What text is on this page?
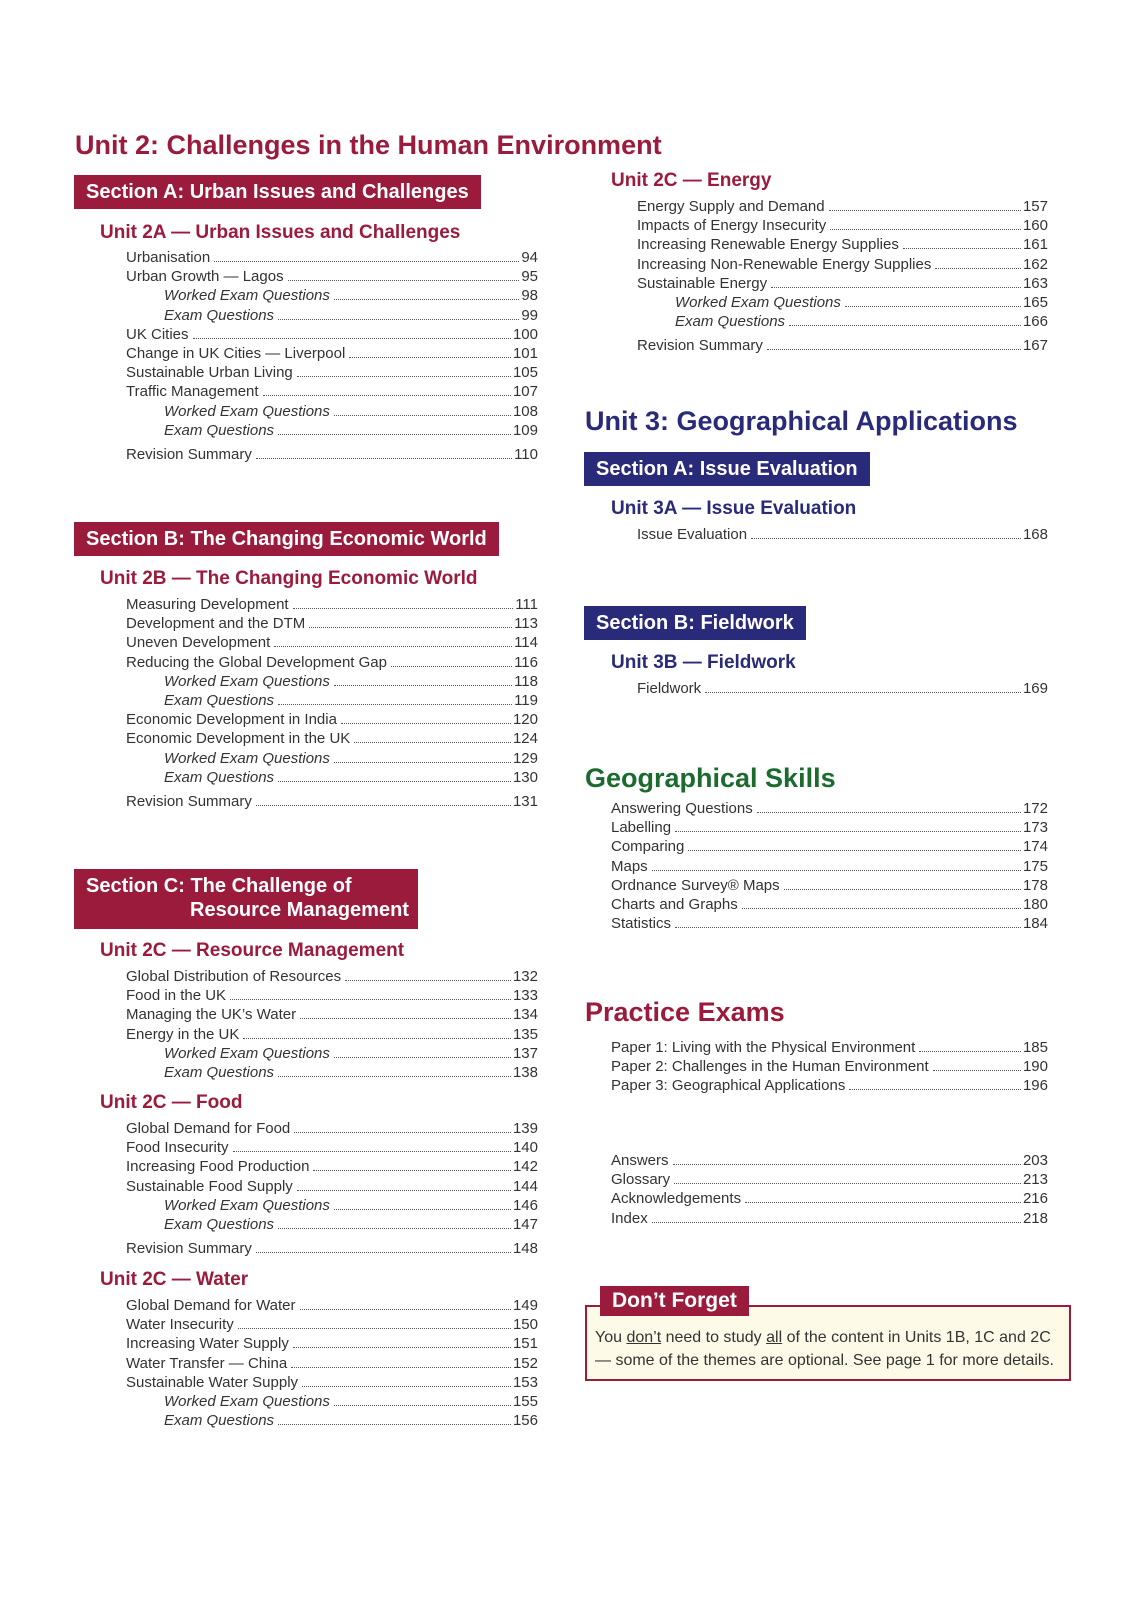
Unit 2: Challenges in the Human Environment
Section A: Urban Issues and Challenges
Unit 2A — Urban Issues and Challenges
Urbanisation	94
Urban Growth — Lagos	95
Worked Exam Questions	98
Exam Questions	99
UK Cities	100
Change in UK Cities — Liverpool	101
Sustainable Urban Living	105
Traffic Management	107
Worked Exam Questions	108
Exam Questions	109
Revision Summary	110
Section B: The Changing Economic World
Unit 2B — The Changing Economic World
Measuring Development	111
Development and the DTM	113
Uneven Development	114
Reducing the Global Development Gap	116
Worked Exam Questions	118
Exam Questions	119
Economic Development in India	120
Economic Development in the UK	124
Worked Exam Questions	129
Exam Questions	130
Revision Summary	131
Section C: The Challenge of
Resource Management
Unit 2C — Resource Management
Global Distribution of Resources	132
Food in the UK	133
Managing the UK’s Water	134
Energy in the UK	135
Worked Exam Questions	137
Exam Questions	138
Unit 2C — Food
Global Demand for Food	139
Food Insecurity	140
Increasing Food Production	142
Sustainable Food Supply	144
Worked Exam Questions	146
Exam Questions	147
Revision Summary	148
Unit 2C — Water
Global Demand for Water	149
Water Insecurity	150
Increasing Water Supply	151
Water Transfer — China	152
Sustainable Water Supply	153
Worked Exam Questions	155
Exam Questions	156
Unit 2C — Energy
Energy Supply and Demand	157
Impacts of Energy Insecurity	160
Increasing Renewable Energy Supplies	161
Increasing Non-Renewable Energy Supplies	162
Sustainable Energy	163
Worked Exam Questions	165
Exam Questions	166
Revision Summary	167
Unit 3: Geographical Applications
Section A: Issue Evaluation
Unit 3A — Issue Evaluation
Issue Evaluation	168
Section B: Fieldwork
Unit 3B — Fieldwork
Fieldwork	169
Geographical Skills
Answering Questions	172
Labelling	173
Comparing	174
Maps	175
Ordnance Survey® Maps	178
Charts and Graphs	180
Statistics	184
Practice Exams
Paper 1: Living with the Physical Environment	185
Paper 2: Challenges in the Human Environment	190
Paper 3: Geographical Applications	196
Answers	203
Glossary	213
Acknowledgements	216
Index	218
Don’t Forget
You don’t need to study all of the content in Units 1B, 1C and 2C — some of the themes are optional. See page 1 for more details.
